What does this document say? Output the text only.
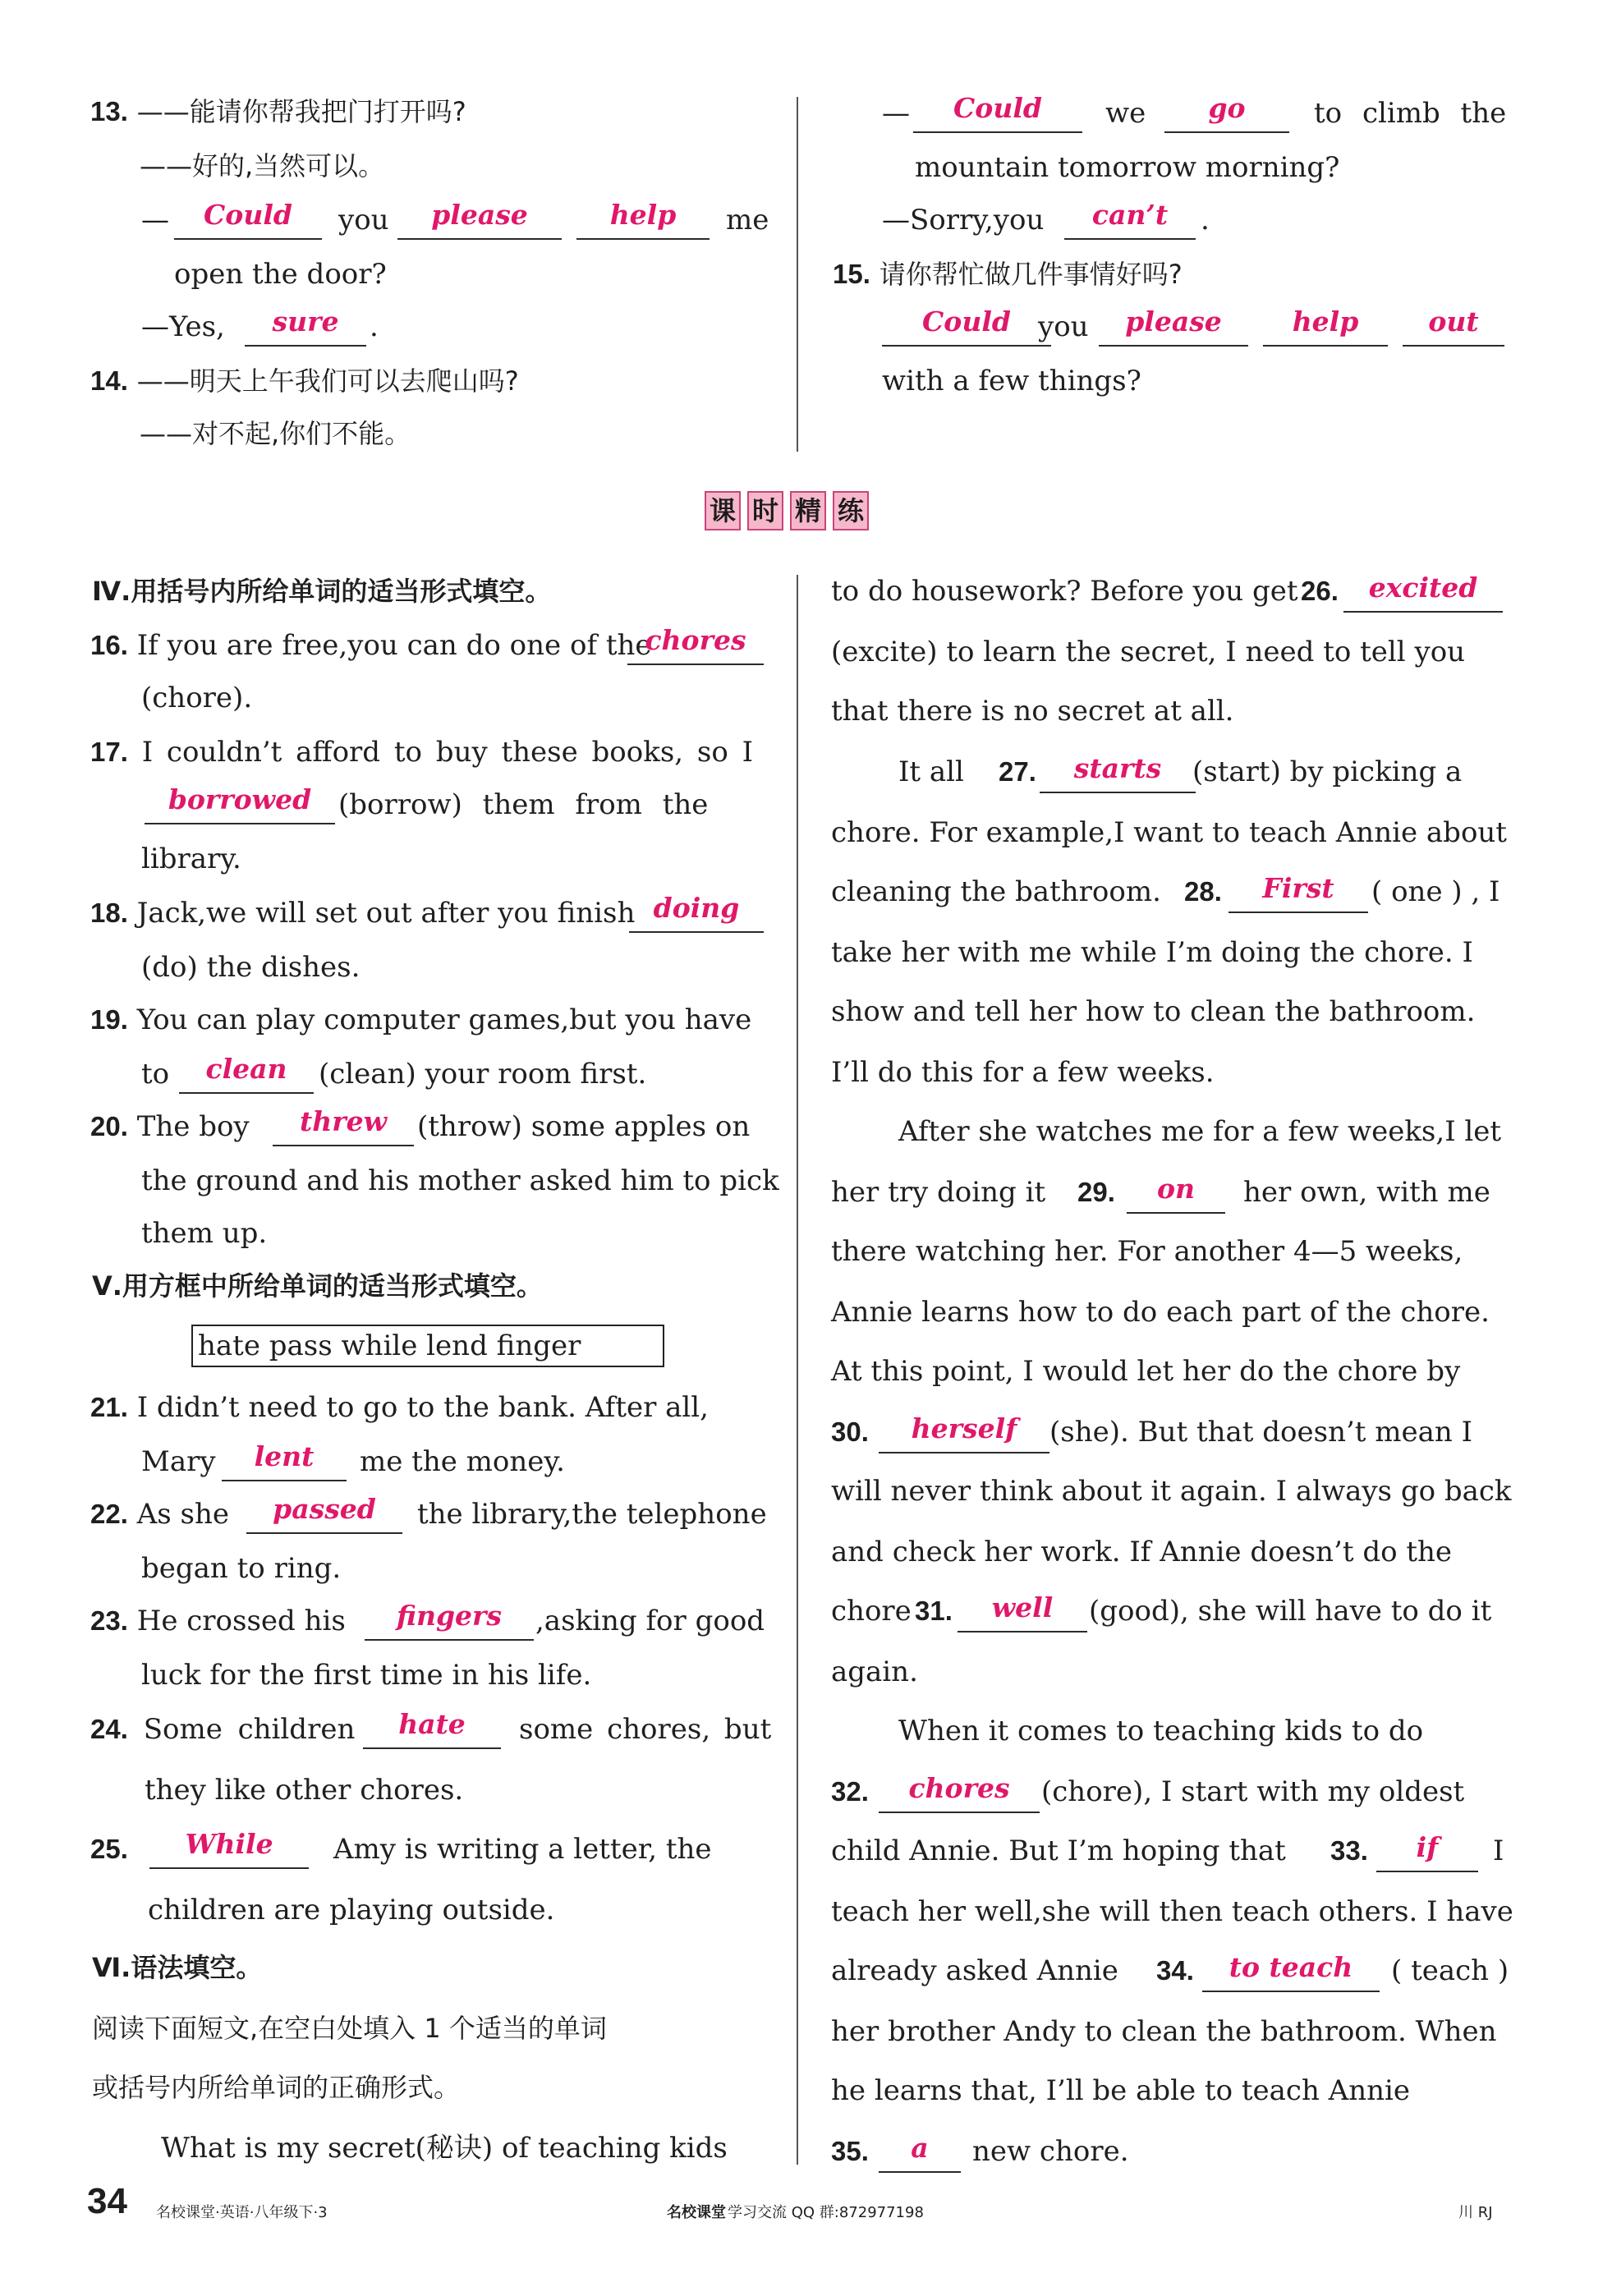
13. ——能请你帮我把门打开吗?
——好的,当然可以。
—	Could	you	please	help	me
open the door?
—Yes,	sure	.
14. ——明天上午我们可以去爬山吗?
——对不起,你们不能。
—	Could	we	go	to climb the
mountain tomorrow morning?
—Sorry,you	can’t	.
15. 请你帮忙做几件事情好吗?
Could you	please	help	out
with a few things?
课 时 精 练
Ⅳ.用括号内所给单词的适当形式填空。
16. If you are free,you can do one of the
chores
(chore).
17. I couldn’t afford to buy these books, so I
borrowed (borrow) them from the
library.
18. Jack,we will set out after you finish doing
(do) the dishes.
19. You can play computer games,but you have
to	clean	(clean) your room first.
20. The boy	threw	(throw) some apples on
the ground and his mother asked him to pick
them up.
Ⅴ.用方框中所给单词的适当形式填空。
hate pass while lend finger
21. I didn’t need to go to the bank. After all,
Mary	lent	me the money.
22. As she	passed	the library,the telephone
began to ring.
23. He crossed his	fingers	,asking for good
luck for the first time in his life.
24. Some children	hate	some chores, but
they like other chores.
25.	While	Amy is writing a letter, the
children are playing outside.
Ⅵ.语法填空。
阅读下面短文,在空白处填入 1 个适当的单词
或括号内所给单词的正确形式。
What is my secret(秘诀) of teaching kids
to do housework? Before you get 26.	excited
(excite) to learn the secret, I need to tell you
that there is no secret at all.
It all 27.	starts	(start) by picking a
chore. For example,I want to teach Annie about
cleaning the bathroom. 28.	First	( one ) , I
take her with me while I’m doing the chore. I
show and tell her how to clean the bathroom.
I’ll do this for a few weeks.
After she watches me for a few weeks,I let
her try doing it 29.	on	her own, with me
there watching her. For another 4—5 weeks,
Annie learns how to do each part of the chore.
At this point, I would let her do the chore by
30.	herself	(she). But that doesn’t mean I
will never think about it again. I always go back
and check her work. If Annie doesn’t do the
chore 31.	well	(good), she will have to do it
again.
When it comes to teaching kids to do
32.	chores	(chore), I start with my oldest
child Annie. But I’m hoping that 33.	if	I
teach her well,she will then teach others. I have
already asked Annie 34.	to teach	( teach )
her brother Andy to clean the bathroom. When
he learns that, I’ll be able to teach Annie
35.	a	new chore.
34 名校课堂·英语·八年级下·3	名校课堂 学习交流 QQ 群:872977198	川 RJ
